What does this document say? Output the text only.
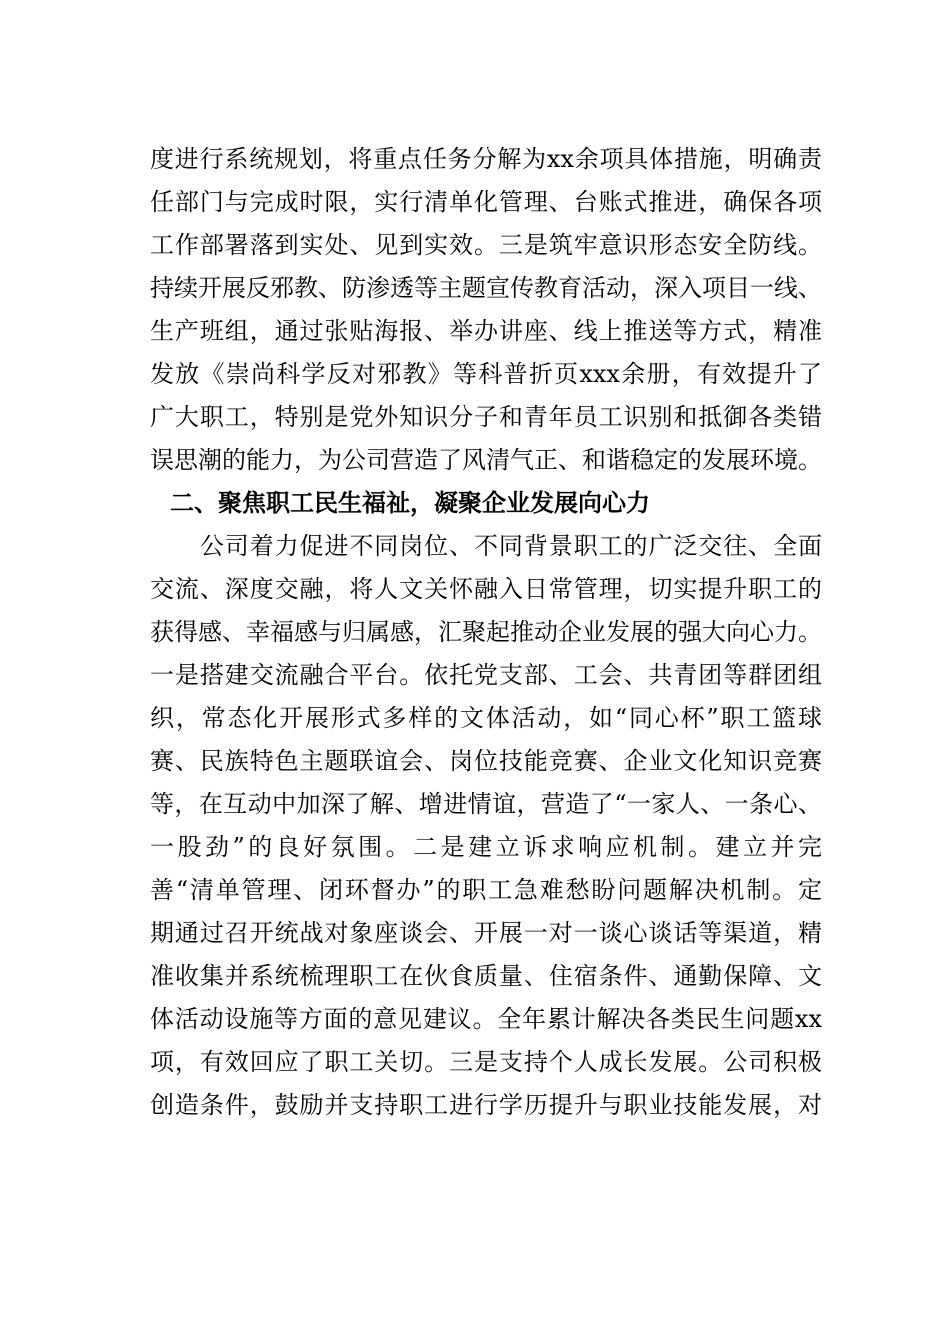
度进行系统规划，将重点任务分解为xx余项具体措施，明确责
任部门与完成时限，实行清单化管理、台账式推进，确保各项
工作部署落到实处、见到实效。三是筑牢意识形态安全防线。
持续开展反邪教、防渗透等主题宣传教育活动，深入项目一线、
生产班组，通过张贴海报、举办讲座、线上推送等方式，精准
发放《崇尚科学反对邪教》等科普折页xxx余册，有效提升了
广大职工，特别是党外知识分子和青年员工识别和抵御各类错
误思潮的能力，为公司营造了风清气正、和谐稳定的发展环境。
二、聚焦职工民生福祉，凝聚企业发展向心力
　　公司着力促进不同岗位、不同背景职工的广泛交往、全面
交流、深度交融，将人文关怀融入日常管理，切实提升职工的
获得感、幸福感与归属感，汇聚起推动企业发展的强大向心力。
一是搭建交流融合平台。依托党支部、工会、共青团等群团组
织，常态化开展形式多样的文体活动，如“同心杯”职工篮球
赛、民族特色主题联谊会、岗位技能竞赛、企业文化知识竞赛
等，在互动中加深了解、增进情谊，营造了“一家人、一条心、
一股劲”的良好氛围。二是建立诉求响应机制。建立并完
善“清单管理、闭环督办”的职工急难愁盼问题解决机制。定
期通过召开统战对象座谈会、开展一对一谈心谈话等渠道，精
准收集并系统梳理职工在伙食质量、住宿条件、通勤保障、文
体活动设施等方面的意见建议。全年累计解决各类民生问题xx
项，有效回应了职工关切。三是支持个人成长发展。公司积极
创造条件，鼓励并支持职工进行学历提升与职业技能发展，对
